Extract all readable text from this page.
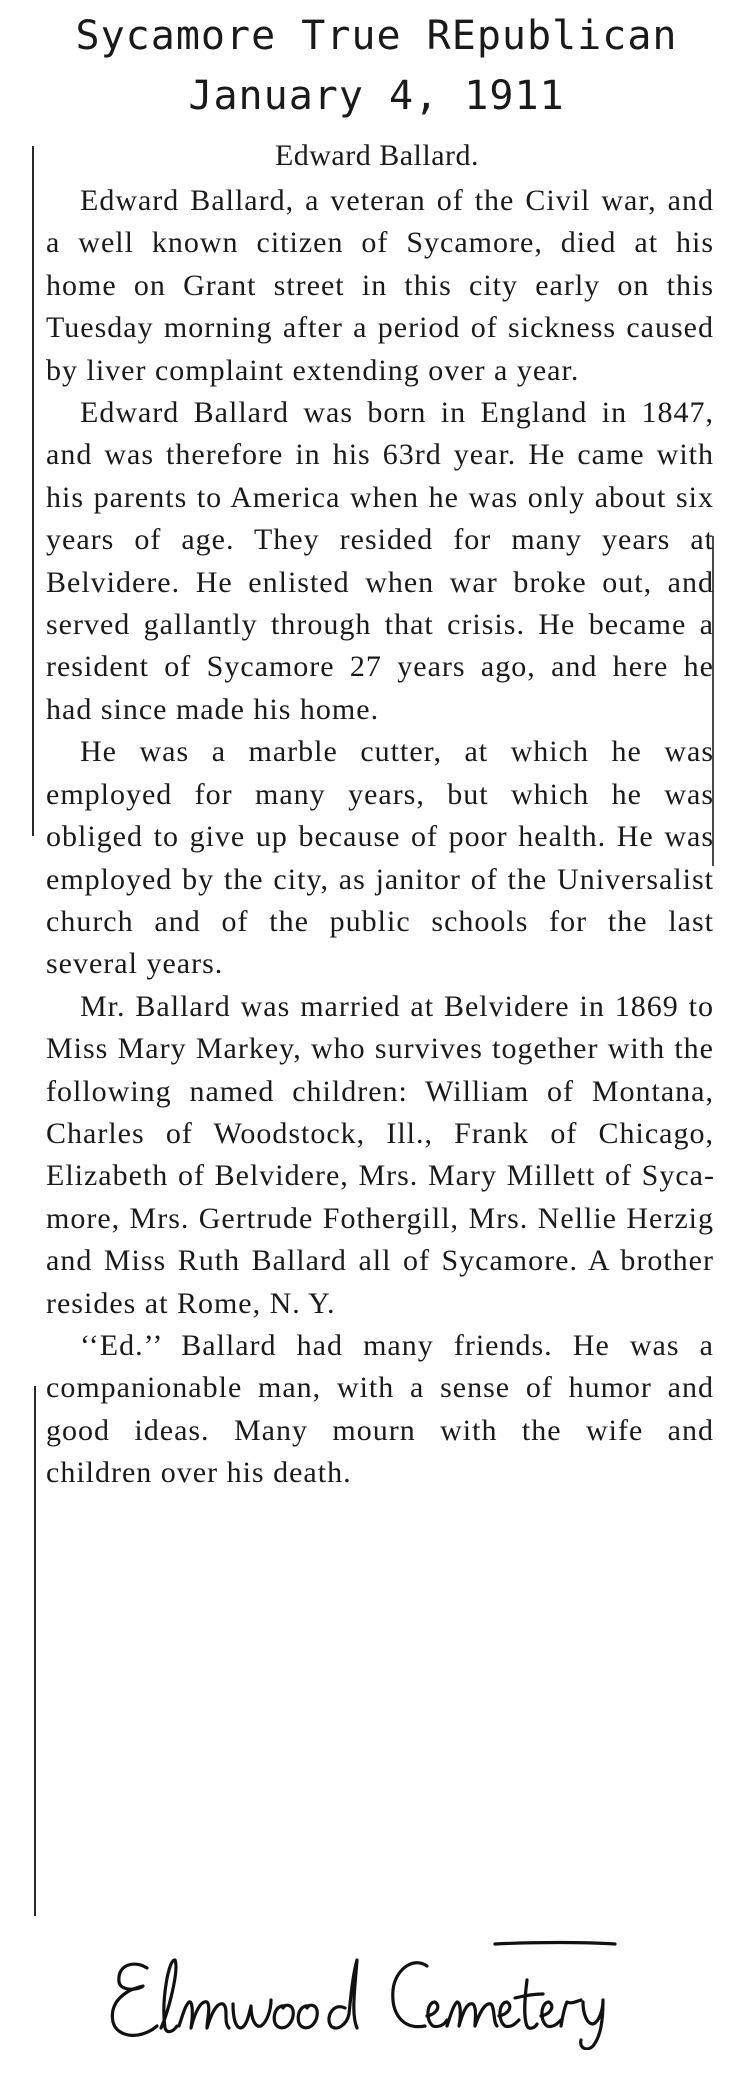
Sycamore True REpublican
January 4, 1911
Edward Ballard.

Edward Ballard, a veteran of the Civil war, and a well known citizen of Sycamore, died at his home on Grant street in this city early on this Tuesday morning after a period of sickness caused by liver complaint extending over a year.

Edward Ballard was born in England in 1847, and was therefore in his 63rd year. He came with his parents to America when he was only about six years of age. They resided for many years at Belvidere. He enlisted when war broke out, and served gallantly through that crisis. He became a resident of Sycamore 27 years ago, and here he had since made his home.

He was a marble cutter, at which he was employed for many years, but which he was obliged to give up because of poor health. He was employed by the city, as janitor of the Universalist church and of the public schools for the last several years.

Mr. Ballard was married at Belvidere in 1869 to Miss Mary Markey, who survives together with the following named children: William of Montana, Charles of Woodstock, Ill., Frank of Chicago, Elizabeth of Belvidere, Mrs. Mary Millett of Sycamore, Mrs. Gertrude Fothergill, Mrs. Nellie Herzig and Miss Ruth Ballard all of Sycamore. A brother resides at Rome, N. Y.

‘‘Ed.’’ Ballard had many friends. He was a companionable man, with a sense of humor and good ideas. Many mourn with the wife and children over his death.
